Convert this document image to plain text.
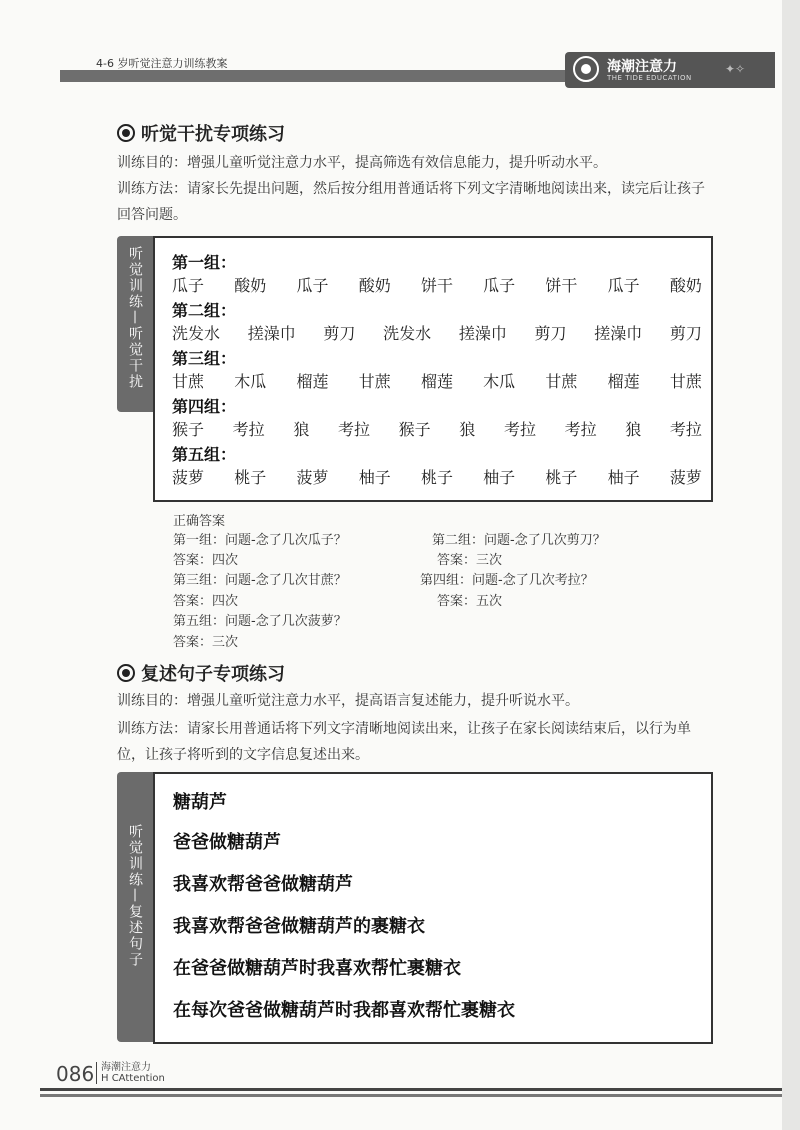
4-6 岁听觉注意力训练教案	海潮注意力
THE TIDE EDUCATION
✦✧
听觉干扰专项练习
训练目的：增强儿童听觉注意力水平，提高筛选有效信息能力，提升听动水平。
训练方法：请家长先提出问题，然后按分组用普通话将下列文字清晰地阅读出来，读完后让孩子回答问题。
听觉训练—听觉干扰 第一组：
瓜子 酸奶 瓜子 酸奶 饼干 瓜子 饼干 瓜子 酸奶
第二组：
洗发水 搓澡巾 剪刀 洗发水 搓澡巾 剪刀 搓澡巾 剪刀
第三组：
甘蔗 木瓜 榴莲 甘蔗 榴莲 木瓜 甘蔗 榴莲 甘蔗
第四组：
猴子 考拉 狼 考拉 猴子 狼 考拉 考拉 狼 考拉
第五组：
菠萝 桃子 菠萝 柚子 桃子 柚子 桃子 柚子 菠萝
正确答案
第一组：问题-念了几次瓜子？
答案：四次
第二组：问题-念了几次剪刀？
答案：三次
第三组：问题-念了几次甘蔗？
答案：四次
第四组：问题-念了几次考拉？
答案：五次
第五组：问题-念了几次菠萝？
答案：三次
复述句子专项练习
训练目的：增强儿童听觉注意力水平，提高语言复述能力，提升听说水平。
训练方法：请家长用普通话将下列文字清晰地阅读出来，让孩子在家长阅读结束后，以行为单位，让孩子将听到的文字信息复述出来。
听觉训练—复述句子
糖葫芦
爸爸做糖葫芦
我喜欢帮爸爸做糖葫芦
我喜欢帮爸爸做糖葫芦的裹糖衣
在爸爸做糖葫芦时我喜欢帮忙裹糖衣
在每次爸爸做糖葫芦时我都喜欢帮忙裹糖衣
086 海潮注意力
H CAttention
